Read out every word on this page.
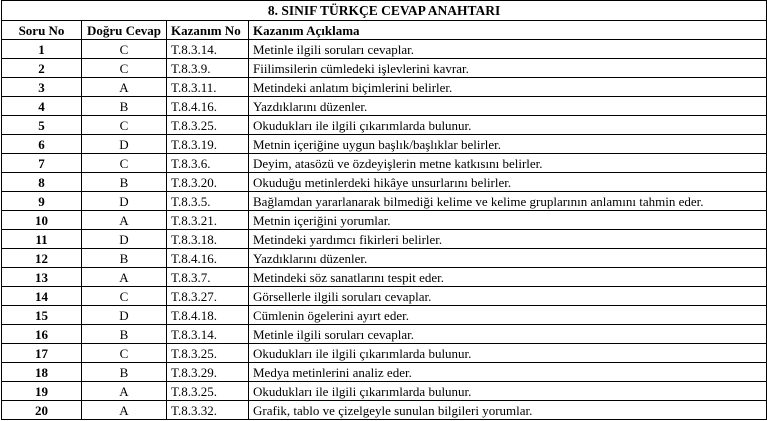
8. SINIF TÜRKÇE CEVAP ANAHTARI			
Soru No	Doğru Cevap	Kazanım No	Kazanım Açıklama
1	C	T.8.3.14.	Metinle ilgili soruları cevaplar.
2	C	T.8.3.9.	Fiilimsilerin cümledeki işlevlerini kavrar.
3	A	T.8.3.11.	Metindeki anlatım biçimlerini belirler.
4	B	T.8.4.16.	Yazdıklarını düzenler.
5	C	T.8.3.25.	Okudukları ile ilgili çıkarımlarda bulunur.
6	D	T.8.3.19.	Metnin içeriğine uygun başlık/başlıklar belirler.
7	C	T.8.3.6.	Deyim, atasözü ve özdeyişlerin metne katkısını belirler.
8	B	T.8.3.20.	Okuduğu metinlerdeki hikâye unsurlarını belirler.
9	D	T.8.3.5.	Bağlamdan yararlanarak bilmediği kelime ve kelime gruplarının anlamını tahmin eder.
10	A	T.8.3.21.	Metnin içeriğini yorumlar.
11	D	T.8.3.18.	Metindeki yardımcı fikirleri belirler.
12	B	T.8.4.16.	Yazdıklarını düzenler.
13	A	T.8.3.7.	Metindeki söz sanatlarını tespit eder.
14	C	T.8.3.27.	Görsellerle ilgili soruları cevaplar.
15	D	T.8.4.18.	Cümlenin ögelerini ayırt eder.
16	B	T.8.3.14.	Metinle ilgili soruları cevaplar.
17	C	T.8.3.25.	Okudukları ile ilgili çıkarımlarda bulunur.
18	B	T.8.3.29.	Medya metinlerini analiz eder.
19	A	T.8.3.25.	Okudukları ile ilgili çıkarımlarda bulunur.
20	A	T.8.3.32.	Grafik, tablo ve çizelgeyle sunulan bilgileri yorumlar.
